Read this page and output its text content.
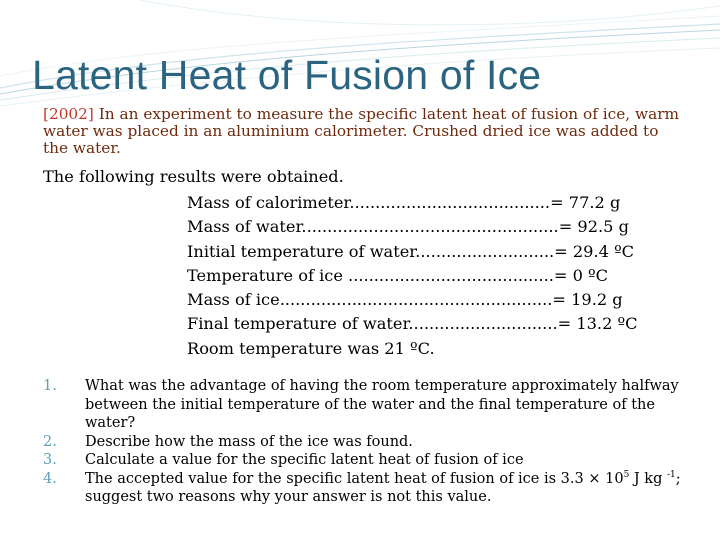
Latent Heat of Fusion of Ice
[2002] In an experiment to measure the specific latent heat of fusion of ice, warm water was placed in an aluminium calorimeter. Crushed dried ice was added to the water.
The following results were obtained.
Mass of calorimeter.......................................= 77.2 g
Mass of water..................................................= 92.5 g
Initial temperature of water...........................= 29.4 ºC
Temperature of ice ........................................= 0 ºC
Mass of ice.....................................................= 19.2 g
Final temperature of water.............................= 13.2 ºC
Room temperature was 21 ºC.
1. What was the advantage of having the room temperature approximately halfway between the initial temperature of the water and the final temperature of the water?
2. Describe how the mass of the ice was found.
3. Calculate a value for the specific latent heat of fusion of ice
4. The accepted value for the specific latent heat of fusion of ice is $3.3 \times 10^5$ J kg $^{-1}$; suggest two reasons why your answer is not this value.
